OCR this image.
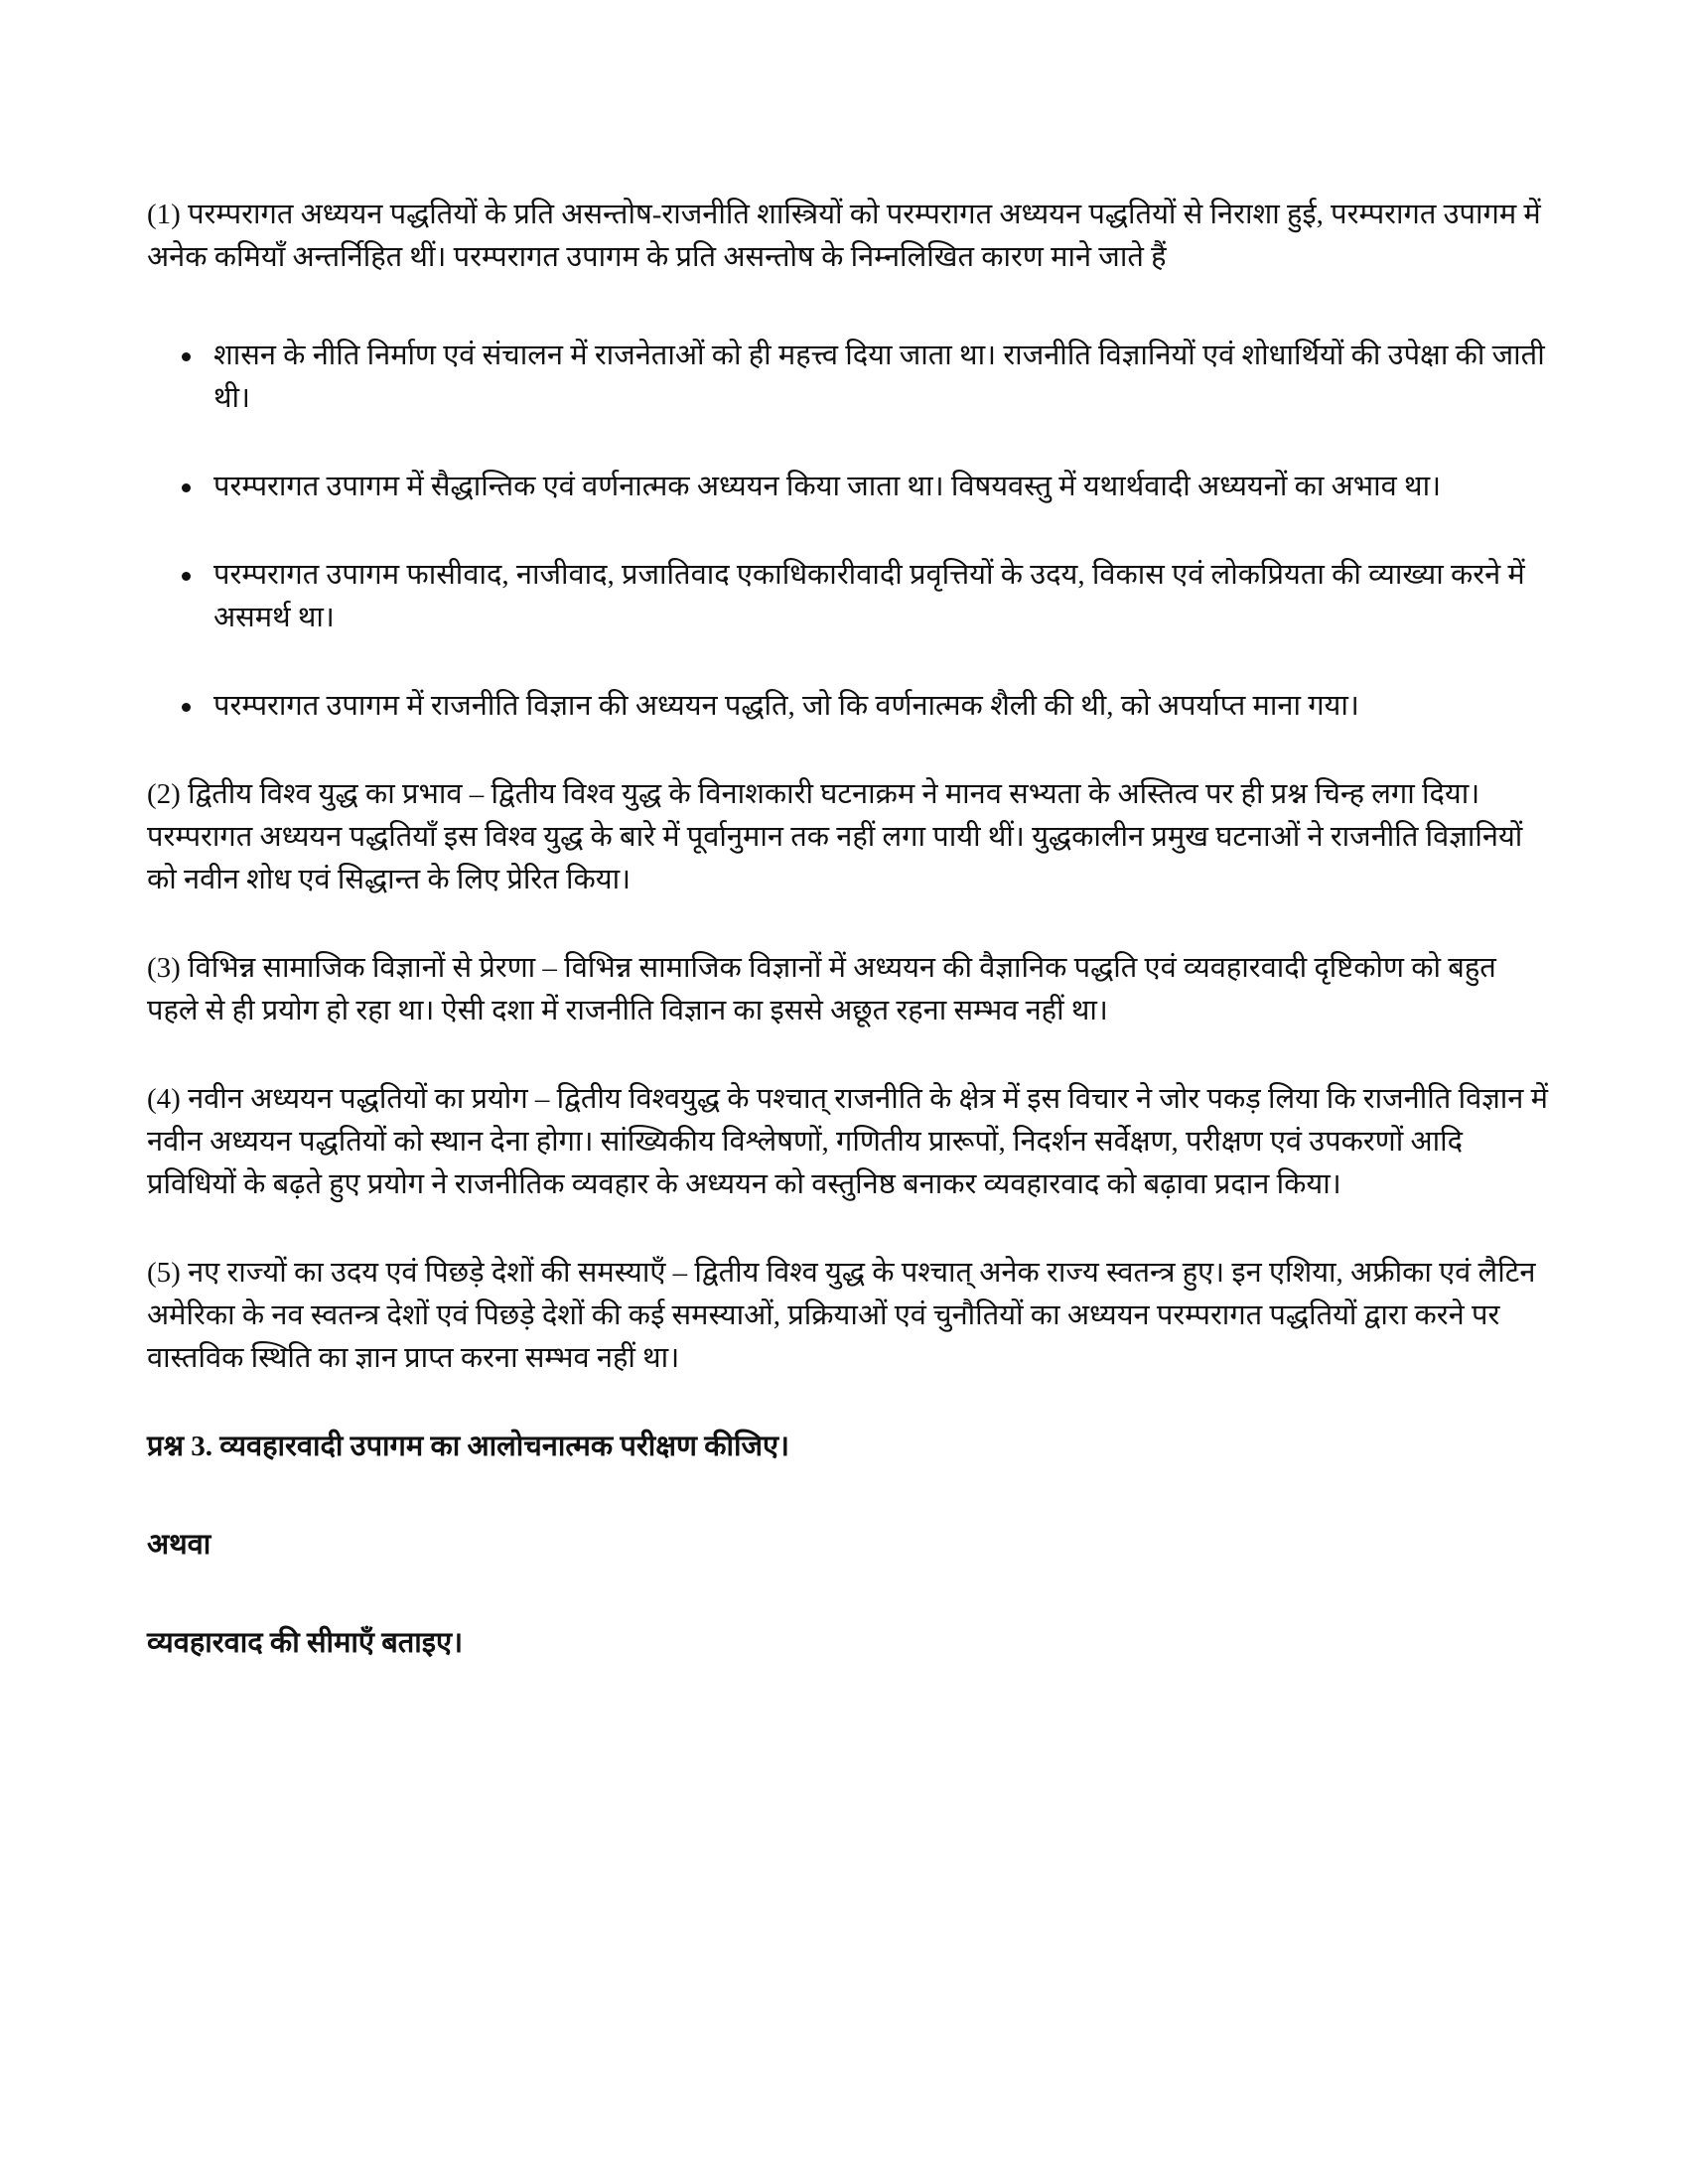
(1) परम्परागत अध्ययन पद्धतियों के प्रति असन्तोष-राजनीति शास्त्रियों को परम्परागत अध्ययन पद्धतियों से निराशा हुई, परम्परागत उपागम में अनेक कमियाँ अन्तर्निहित थीं। परम्परागत उपागम के प्रति असन्तोष के निम्नलिखित कारण माने जाते हैं

शासन के नीति निर्माण एवं संचालन में राजनेताओं को ही महत्त्व दिया जाता था। राजनीति विज्ञानियों एवं शोधार्थियों की उपेक्षा की जाती थी।
परम्परागत उपागम में सैद्धान्तिक एवं वर्णनात्मक अध्ययन किया जाता था। विषयवस्तु में यथार्थवादी अध्ययनों का अभाव था।
परम्परागत उपागम फासीवाद, नाजीवाद, प्रजातिवाद एकाधिकारीवादी प्रवृत्तियों के उदय, विकास एवं लोकप्रियता की व्याख्या करने में असमर्थ था।
परम्परागत उपागम में राजनीति विज्ञान की अध्ययन पद्धति, जो कि वर्णनात्मक शैली की थी, को अपर्याप्त माना गया।

(2) द्वितीय विश्व युद्ध का प्रभाव – द्वितीय विश्व युद्ध के विनाशकारी घटनाक्रम ने मानव सभ्यता के अस्तित्व पर ही प्रश्न चिन्ह लगा दिया। परम्परागत अध्ययन पद्धतियाँ इस विश्व युद्ध के बारे में पूर्वानुमान तक नहीं लगा पायी थीं। युद्धकालीन प्रमुख घटनाओं ने राजनीति विज्ञानियों को नवीन शोध एवं सिद्धान्त के लिए प्रेरित किया।

(3) विभिन्न सामाजिक विज्ञानों से प्रेरणा – विभिन्न सामाजिक विज्ञानों में अध्ययन की वैज्ञानिक पद्धति एवं व्यवहारवादी दृष्टिकोण को बहुत पहले से ही प्रयोग हो रहा था। ऐसी दशा में राजनीति विज्ञान का इससे अछूत रहना सम्भव नहीं था।

(4) नवीन अध्ययन पद्धतियों का प्रयोग – द्वितीय विश्वयुद्ध के पश्चात् राजनीति के क्षेत्र में इस विचार ने जोर पकड़ लिया कि राजनीति विज्ञान में नवीन अध्ययन पद्धतियों को स्थान देना होगा। सांख्यिकीय विश्लेषणों, गणितीय प्रारूपों, निदर्शन सर्वेक्षण, परीक्षण एवं उपकरणों आदि प्रविधियों के बढ़ते हुए प्रयोग ने राजनीतिक व्यवहार के अध्ययन को वस्तुनिष्ठ बनाकर व्यवहारवाद को बढ़ावा प्रदान किया।

(5) नए राज्यों का उदय एवं पिछड़े देशों की समस्याएँ – द्वितीय विश्व युद्ध के पश्चात् अनेक राज्य स्वतन्त्र हुए। इन एशिया, अफ्रीका एवं लैटिन अमेरिका के नव स्वतन्त्र देशों एवं पिछड़े देशों की कई समस्याओं, प्रक्रियाओं एवं चुनौतियों का अध्ययन परम्परागत पद्धतियों द्वारा करने पर वास्तविक स्थिति का ज्ञान प्राप्त करना सम्भव नहीं था।

प्रश्न 3. व्यवहारवादी उपागम का आलोचनात्मक परीक्षण कीजिए।

अथवा

व्यवहारवाद की सीमाएँ बताइए।
